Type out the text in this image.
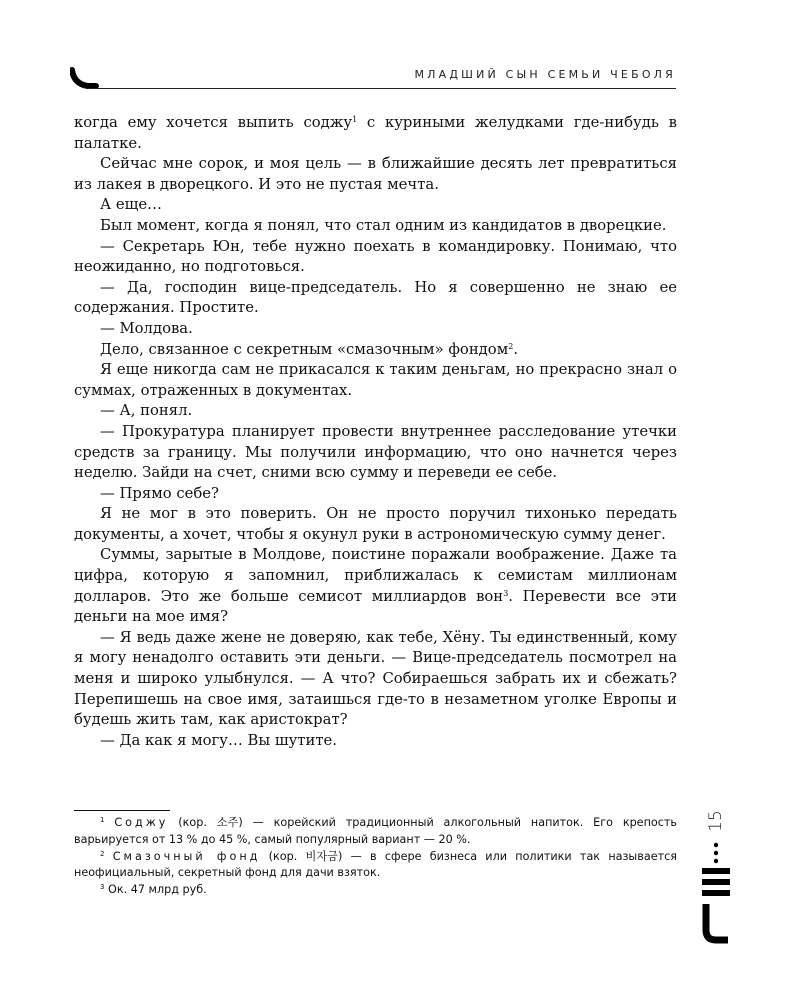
МЛАДШИЙ СЫН СЕМЬИ ЧЕБОЛЯ

когда ему хочется выпить соджу$^1$ с куриными желудками где-нибудь в палатке.

Сейчас мне сорок, и моя цель — в ближайшие десять лет превратиться из лакея в дворецкого. И это не пустая мечта.

А еще…

Был момент, когда я понял, что стал одним из кандидатов в дворецкие.

— Секретарь Юн, тебе нужно поехать в командировку. Понимаю, что неожиданно, но подготовься.

— Да, господин вице-председатель. Но я совершенно не знаю ее содержания. Простите.

— Молдова.

Дело, связанное с секретным «смазочным» фондом$^2$.

Я еще никогда сам не прикасался к таким деньгам, но прекрасно знал о суммах, отраженных в документах.

— А, понял.

— Прокуратура планирует провести внутреннее расследование утечки средств за границу. Мы получили информацию, что оно начнется через неделю. Зайди на счет, сними всю сумму и переведи ее себе.

— Прямо себе?

Я не мог в это поверить. Он не просто поручил тихонько передать документы, а хочет, чтобы я окунул руки в астрономическую сумму денег.

Суммы, зарытые в Молдове, поистине поражали воображение. Даже та цифра, которую я запомнил, приближалась к семистам миллионам долларов. Это же больше семисот миллиардов вон$^3$. Перевести все эти деньги на мое имя?

— Я ведь даже жене не доверяю, как тебе, Хёну. Ты единственный, кому я могу ненадолго оставить эти деньги. — Вице-председатель посмотрел на меня и широко улыбнулся. — А что? Собираешься забрать их и сбежать? Перепишешь на свое имя, затаишься где-то в незаметном уголке Европы и будешь жить там, как аристократ?

— Да как я могу… Вы шутите.

$^1$ Соджу (кор. 소주) — корейский традиционный алкогольный напиток. Его крепость варьируется от 13 % до 45 %, самый популярный вариант — 20 %.

$^2$ Смазочный фонд (кор. 비자금) — в сфере бизнеса или политики так называется неофициальный, секретный фонд для дачи взяток.

$^3$ Ок. 47 млрд руб.

15
